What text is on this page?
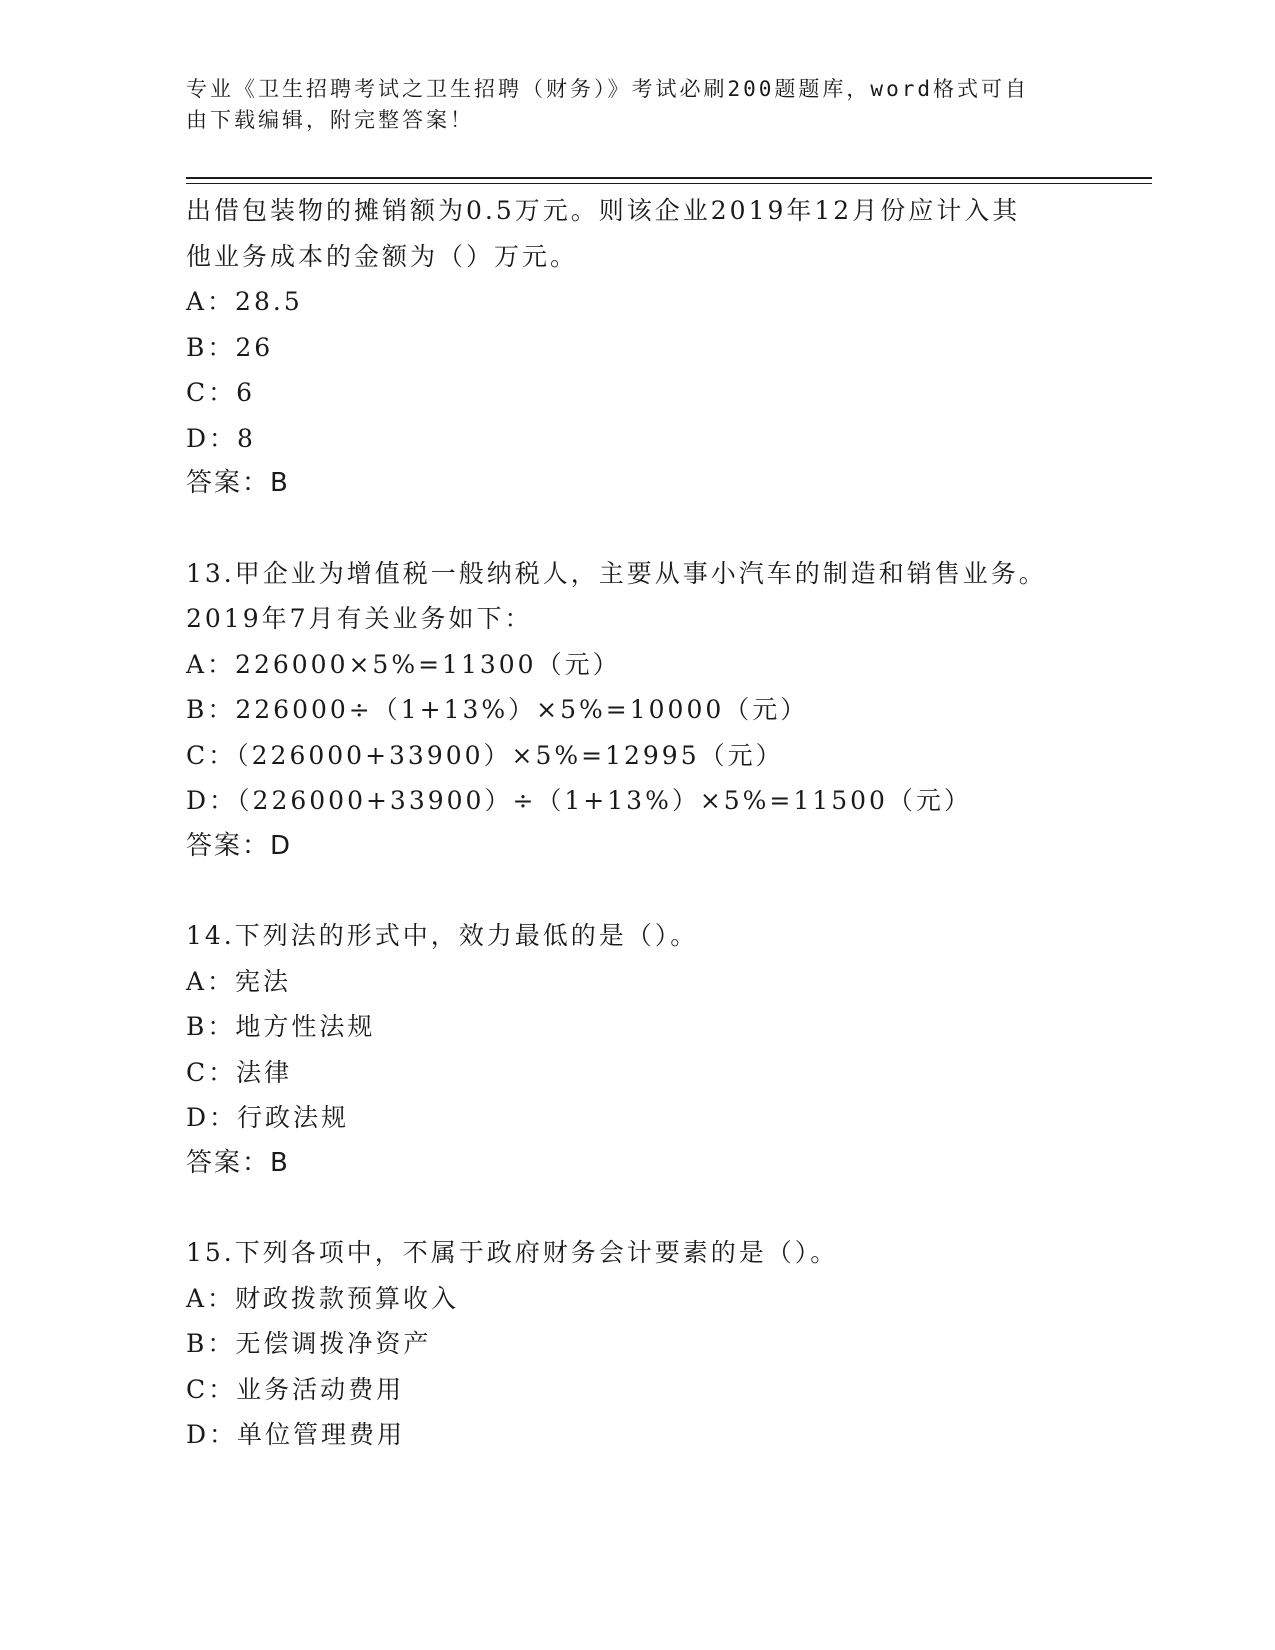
专业《卫生招聘考试之卫生招聘（财务）》考试必刷200题题库，word格式可自
由下载编辑，附完整答案！
出借包装物的摊销额为0.5万元。则该企业2019年12月份应计入其
他业务成本的金额为（）万元。
A：28.5
B：26
C：6
D：8
答案：B
13.甲企业为增值税一般纳税人，主要从事小汽车的制造和销售业务。
2019年7月有关业务如下：
A：226000×5%=11300（元）
B：226000÷（1+13%）×5%=10000（元）
C：（226000+33900）×5%=12995（元）
D：（226000+33900）÷（1+13%）×5%=11500（元）
答案：D
14.下列法的形式中，效力最低的是（）。
A：宪法
B：地方性法规
C：法律
D：行政法规
答案：B
15.下列各项中，不属于政府财务会计要素的是（）。
A：财政拨款预算收入
B：无偿调拨净资产
C：业务活动费用
D：单位管理费用
